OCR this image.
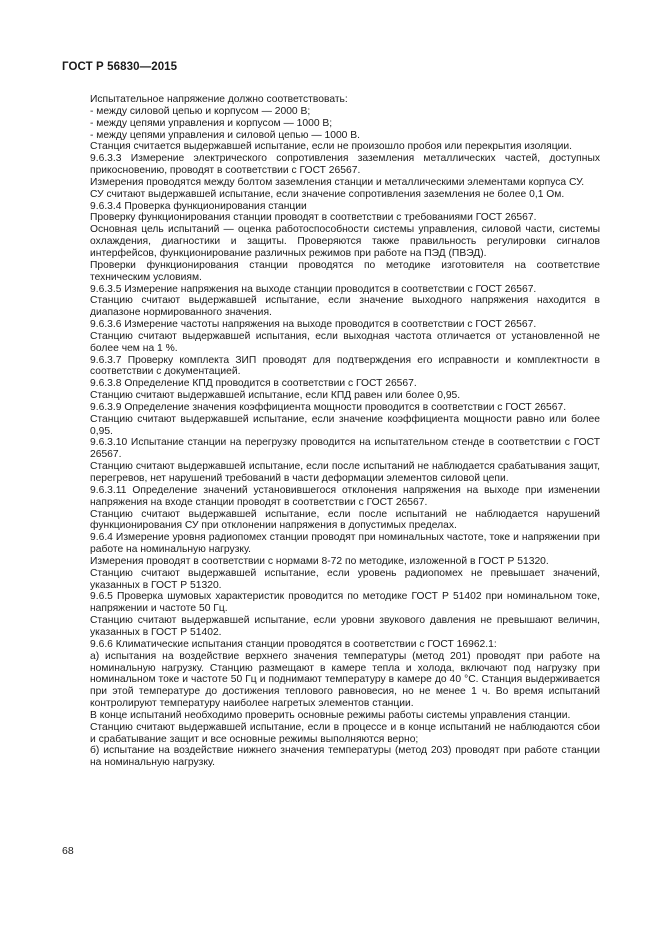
ГОСТ Р 56830—2015

Испытательное напряжение должно соответствовать:

- между силовой цепью и корпусом — 2000 В;

- между цепями управления и корпусом — 1000 В;

- между цепями управления и силовой цепью — 1000 В.

Станция считается выдержавшей испытание, если не произошло пробоя или перекрытия изоляции.

9.6.3.3 Измерение электрического сопротивления заземления металлических частей, доступных прикосновению, проводят в соответствии с ГОСТ 26567.

Измерения проводятся между болтом заземления станции и металлическими элементами корпуса СУ.

СУ считают выдержавшей испытание, если значение сопротивления заземления не более 0,1 Ом.

9.6.3.4 Проверка функционирования станции

Проверку функционирования станции проводят в соответствии с требованиями ГОСТ 26567.

Основная цель испытаний — оценка работоспособности системы управления, силовой части, системы охлаждения, диагностики и защиты. Проверяются также правильность регулировки сигналов интерфейсов, функционирование различных режимов при работе на ПЭД (ПВЭД).

Проверки функционирования станции проводятся по методике изготовителя на соответствие техническим условиям.

9.6.3.5 Измерение напряжения на выходе станции проводится в соответствии с ГОСТ 26567.

Станцию считают выдержавшей испытание, если значение выходного напряжения находится в диапазоне нормированного значения.

9.6.3.6 Измерение частоты напряжения на выходе проводится в соответствии с ГОСТ 26567.

Станцию считают выдержавшей испытания, если выходная частота отличается от установленной не более чем на 1 %.

9.6.3.7 Проверку комплекта ЗИП проводят для подтверждения его исправности и комплектности в соответствии с документацией.

9.6.3.8 Определение КПД проводится в соответствии с ГОСТ 26567.

Станцию считают выдержавшей испытание, если КПД равен или более 0,95.

9.6.3.9 Определение значения коэффициента мощности проводится в соответствии с ГОСТ 26567.

Станцию считают выдержавшей испытание, если значение коэффициента мощности равно или более 0,95.

9.6.3.10 Испытание станции на перегрузку проводится на испытательном стенде в соответствии с ГОСТ 26567.

Станцию считают выдержавшей испытание, если после испытаний не наблюдается срабатывания защит, перегревов, нет нарушений требований в части деформации элементов силовой цепи.

9.6.3.11 Определение значений установившегося отклонения напряжения на выходе при изменении напряжения на входе станции проводят в соответствии с ГОСТ 26567.

Станцию считают выдержавшей испытание, если после испытаний не наблюдается нарушений функционирования СУ при отклонении напряжения в допустимых пределах.

9.6.4 Измерение уровня радиопомех станции проводят при номинальных частоте, токе и напряжении при работе на номинальную нагрузку.

Измерения проводят в соответствии с нормами 8-72 по методике, изложенной в ГОСТ Р 51320.

Станцию считают выдержавшей испытание, если уровень радиопомех не превышает значений, указанных в ГОСТ Р 51320.

9.6.5 Проверка шумовых характеристик проводится по методике ГОСТ Р 51402 при номинальном токе, напряжении и частоте 50 Гц.

Станцию считают выдержавшей испытание, если уровни звукового давления не превышают величин, указанных в ГОСТ Р 51402.

9.6.6 Климатические испытания станции проводятся в соответствии с ГОСТ 16962.1:

а) испытания на воздействие верхнего значения температуры (метод 201) проводят при работе на номинальную нагрузку. Станцию размещают в камере тепла и холода, включают под нагрузку при номинальном токе и частоте 50 Гц и поднимают температуру в камере до 40 °С. Станция выдерживается при этой температуре до достижения теплового равновесия, но не менее 1 ч. Во время испытаний контролируют температуру наиболее нагретых элементов станции.

В конце испытаний необходимо проверить основные режимы работы системы управления станции.

Станцию считают выдержавшей испытание, если в процессе и в конце испытаний не наблюдаются сбои и срабатывание защит и все основные режимы выполняются верно;

б) испытание на воздействие нижнего значения температуры (метод 203) проводят при работе станции на номинальную нагрузку.

68
